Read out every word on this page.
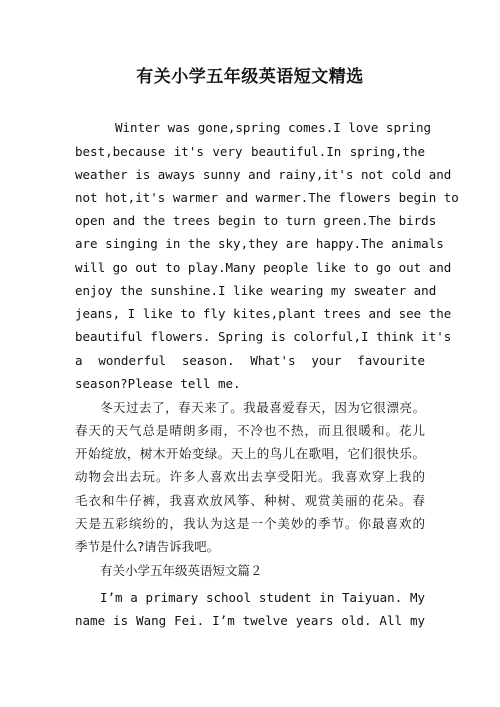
有关小学五年级英语短文精选
Winter was gone,spring comes.I love spring
best,because it's very beautiful.In spring,the
weather is aways sunny and rainy,it's not cold and
not hot,it's warmer and warmer.The flowers begin to
open and the trees begin to turn green.The birds
are singing in the sky,they are happy.The animals
will go out to play.Many people like to go out and
enjoy the sunshine.I like wearing my sweater and
jeans, I like to fly kites,plant trees and see the
beautiful flowers. Spring is colorful,I think it's
a wonderful season. What's your favourite
season?Please tell me.
冬天过去了，春天来了。我最喜爱春天，因为它很漂亮。
春天的天气总是晴朗多雨，不冷也不热，而且很暖和。花儿
开始绽放，树木开始变绿。天上的鸟儿在歌唱，它们很快乐。
动物会出去玩。许多人喜欢出去享受阳光。我喜欢穿上我的
毛衣和牛仔裤，我喜欢放风筝、种树、观赏美丽的花朵。春
天是五彩缤纷的，我认为这是一个美妙的季节。你最喜欢的
季节是什么?请告诉我吧。
有关小学五年级英语短文篇２
I’m a primary school student in Taiyuan. My
name is Wang Fei. I’m twelve years old. All my
